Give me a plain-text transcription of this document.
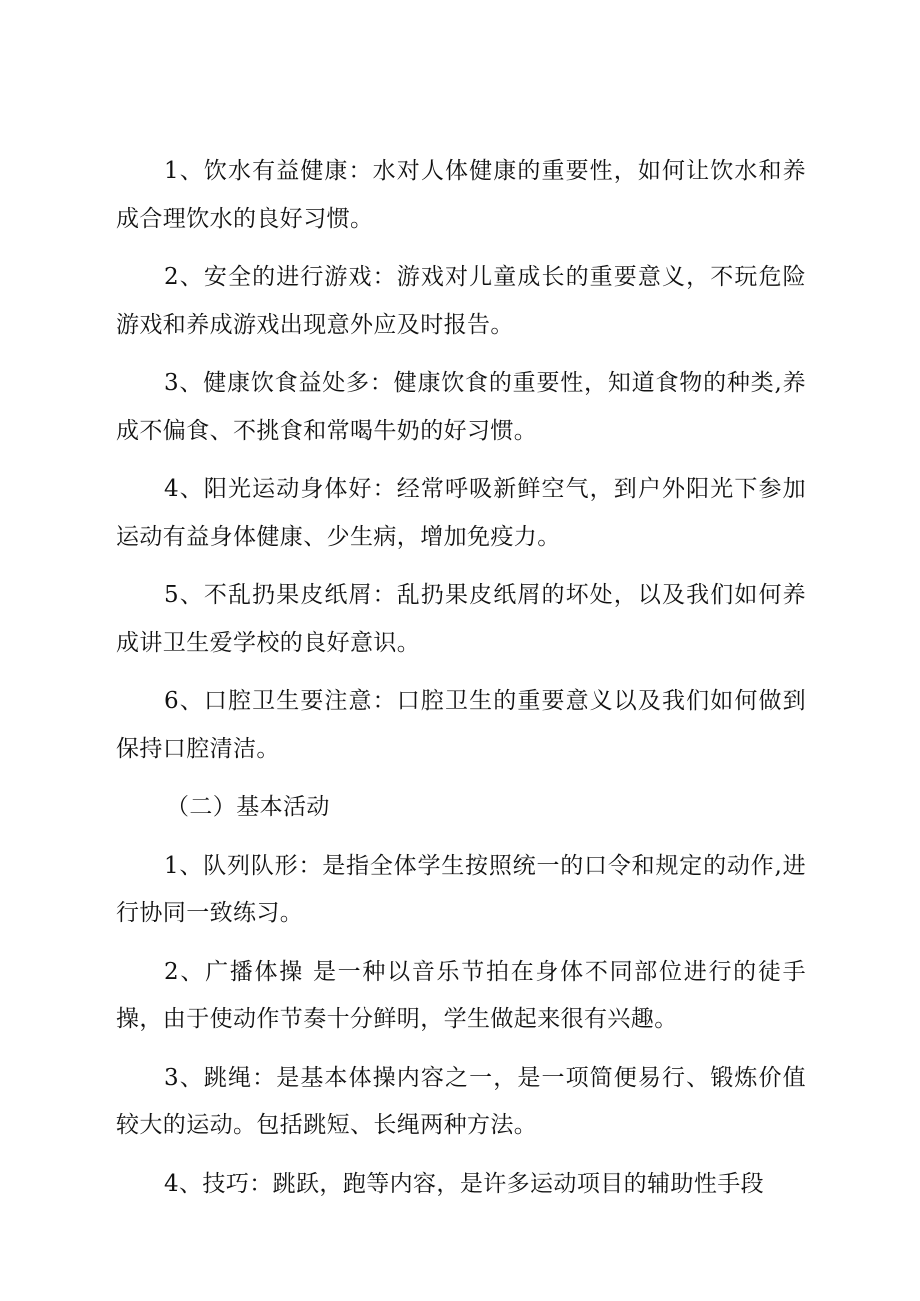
1、饮水有益健康：水对人体健康的重要性，如何让饮水和养成合理饮水的良好习惯。

2、安全的进行游戏：游戏对儿童成长的重要意义，不玩危险游戏和养成游戏出现意外应及时报告。

3、健康饮食益处多：健康饮食的重要性，知道食物的种类,养成不偏食、不挑食和常喝牛奶的好习惯。

4、阳光运动身体好：经常呼吸新鲜空气，到户外阳光下参加运动有益身体健康、少生病，增加免疫力。

5、不乱扔果皮纸屑：乱扔果皮纸屑的坏处，以及我们如何养成讲卫生爱学校的良好意识。

6、口腔卫生要注意：口腔卫生的重要意义以及我们如何做到保持口腔清洁。

（二）基本活动

1、队列队形：是指全体学生按照统一的口令和规定的动作,进行协同一致练习。

2、广播体操 是一种以音乐节拍在身体不同部位进行的徒手操，由于使动作节奏十分鲜明，学生做起来很有兴趣。

3、跳绳：是基本体操内容之一，是一项简便易行、锻炼价值较大的运动。包括跳短、长绳两种方法。

4、技巧：跳跃，跑等内容，是许多运动项目的辅助性手段
